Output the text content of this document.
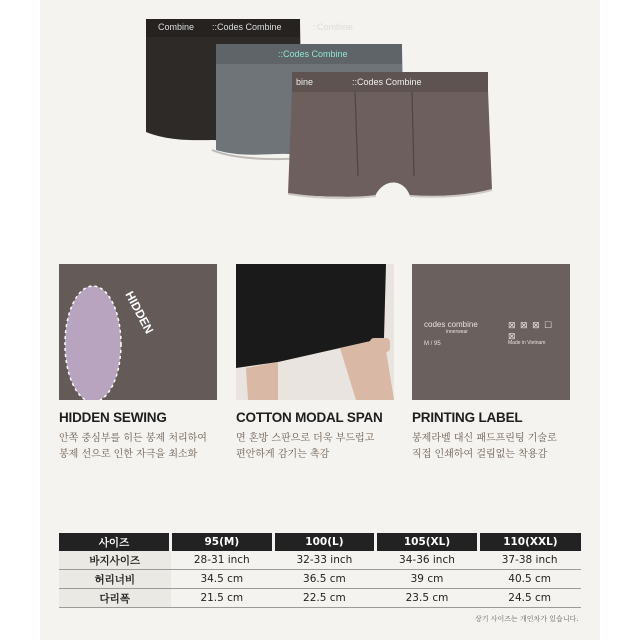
Combine ::Codes Combine	::Combine
::Codes Combine
bine	::Codes Combine
HIDDEN	codes combine
innerwear
M / 95
⊠ ⊠ ⊠ ☐ ⊠
Made in Vietnam
HIDDEN SEWING
안쪽 중심부를 히든 봉제 처리하여
봉제 선으로 인한 자극을 최소화
COTTON MODAL SPAN
면 혼방 스판으로 더욱 부드럽고
편안하게 감기는 촉감
PRINTING LABEL
봉제라벨 대신 패드프린팅 기술로
직접 인쇄하여 걸림없는 착용감
사이즈	95(M)	100(L)	105(XL)	110(XXL)
바지사이즈	28-31 inch	32-33 inch	34-36 inch	37-38 inch
허리너비	34.5 cm	36.5 cm	39 cm	40.5 cm
다리폭	21.5 cm	22.5 cm	23.5 cm	24.5 cm
상기 사이즈는 개인차가 있습니다.
